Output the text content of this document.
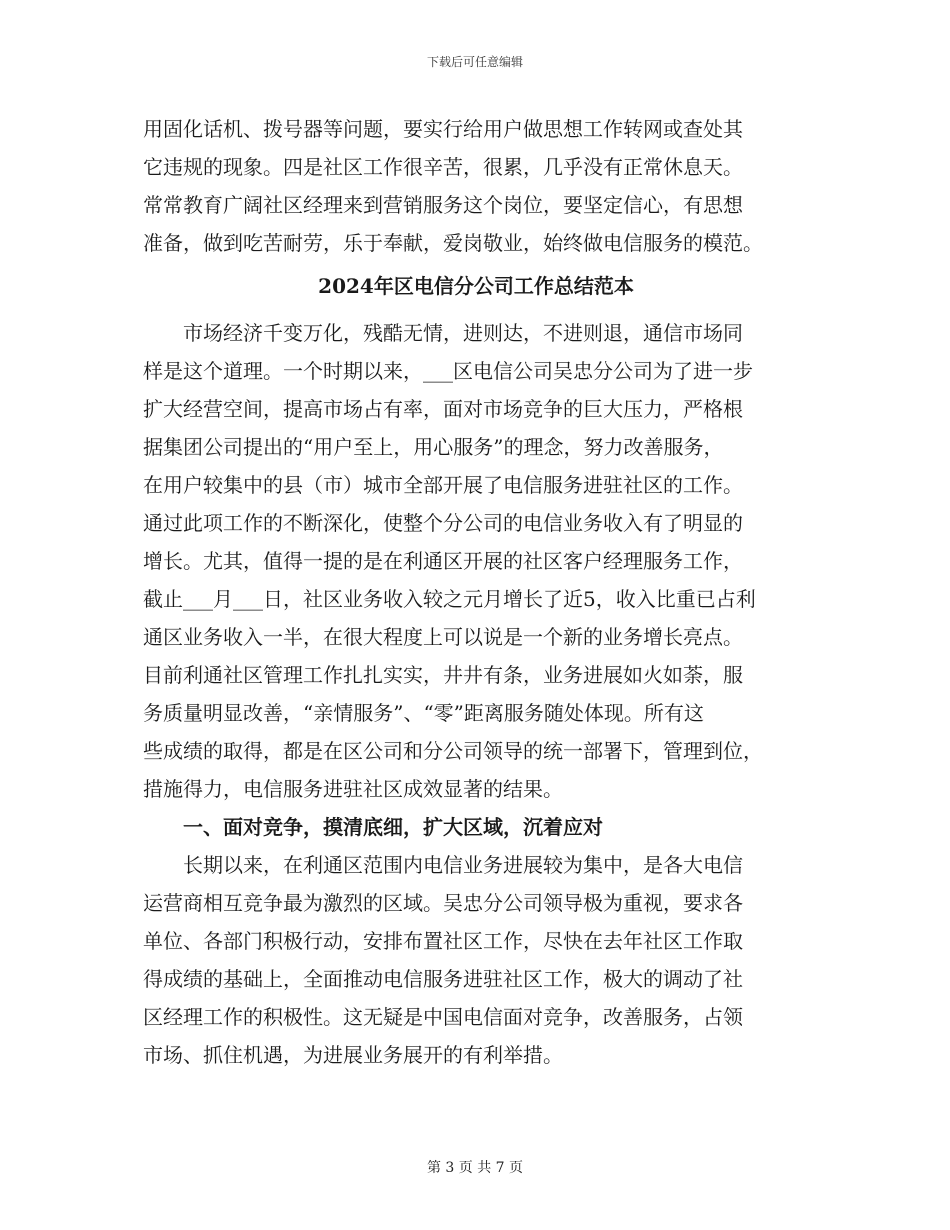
下载后可任意编辑
用固化话机、拨号器等问题，要实行给用户做思想工作转网或查处其
它违规的现象。四是社区工作很辛苦，很累，几乎没有正常休息天。
常常教育广阔社区经理来到营销服务这个岗位，要坚定信心，有思想
准备，做到吃苦耐劳，乐于奉献，爱岗敬业，始终做电信服务的模范。
2024年区电信分公司工作总结范本
市场经济千变万化，残酷无情，进则达，不进则退，通信市场同
样是这个道理。一个时期以来，___区电信公司吴忠分公司为了进一步
扩大经营空间，提高市场占有率，面对市场竞争的巨大压力，严格根
据集团公司提出的“用户至上，用心服务”的理念，努力改善服务，
在用户较集中的县（市）城市全部开展了电信服务进驻社区的工作。
通过此项工作的不断深化，使整个分公司的电信业务收入有了明显的
增长。尤其，值得一提的是在利通区开展的社区客户经理服务工作，
截止___月___日，社区业务收入较之元月增长了近5，收入比重已占利
通区业务收入一半，在很大程度上可以说是一个新的业务增长亮点。
目前利通社区管理工作扎扎实实，井井有条，业务进展如火如荼，服
务质量明显改善，“亲情服务”、“零”距离服务随处体现。所有这
些成绩的取得，都是在区公司和分公司领导的统一部署下，管理到位，
措施得力，电信服务进驻社区成效显著的结果。
一、面对竞争，摸清底细，扩大区域，沉着应对
长期以来，在利通区范围内电信业务进展较为集中，是各大电信
运营商相互竞争最为激烈的区域。吴忠分公司领导极为重视，要求各
单位、各部门积极行动，安排布置社区工作，尽快在去年社区工作取
得成绩的基础上，全面推动电信服务进驻社区工作，极大的调动了社
区经理工作的积极性。这无疑是中国电信面对竞争，改善服务，占领
市场、抓住机遇，为进展业务展开的有利举措。
第 3 页 共 7 页
